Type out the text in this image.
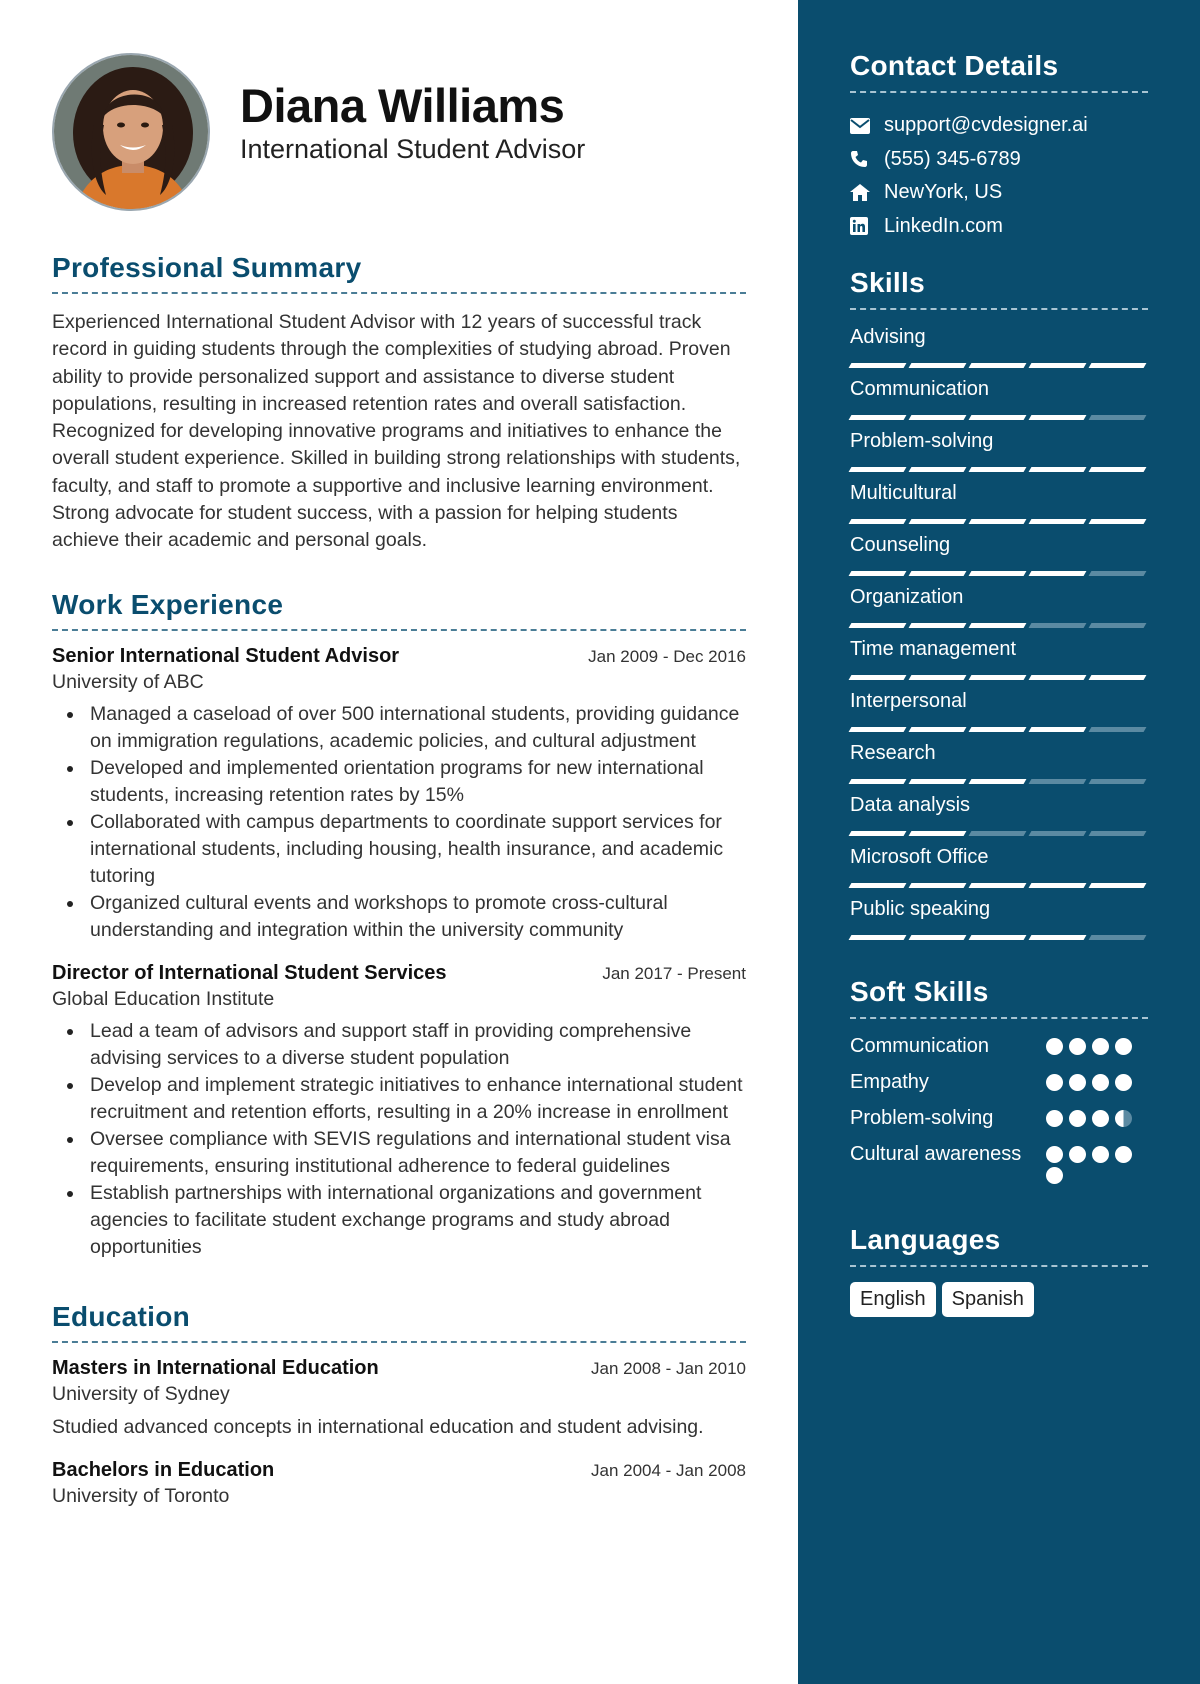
Diana Williams
International Student Advisor
Professional Summary
Experienced International Student Advisor with 12 years of successful track record in guiding students through the complexities of studying abroad. Proven ability to provide personalized support and assistance to diverse student populations, resulting in increased retention rates and overall satisfaction. Recognized for developing innovative programs and initiatives to enhance the overall student experience. Skilled in building strong relationships with students, faculty, and staff to promote a supportive and inclusive learning environment. Strong advocate for student success, with a passion for helping students achieve their academic and personal goals.
Work Experience
Senior International Student Advisor	Jan 2009 - Dec 2016
University of ABC
Managed a caseload of over 500 international students, providing guidance on immigration regulations, academic policies, and cultural adjustment
Developed and implemented orientation programs for new international students, increasing retention rates by 15%
Collaborated with campus departments to coordinate support services for international students, including housing, health insurance, and academic tutoring
Organized cultural events and workshops to promote cross-cultural understanding and integration within the university community
Director of International Student Services	Jan 2017 - Present
Global Education Institute
Lead a team of advisors and support staff in providing comprehensive advising services to a diverse student population
Develop and implement strategic initiatives to enhance international student recruitment and retention efforts, resulting in a 20% increase in enrollment
Oversee compliance with SEVIS regulations and international student visa requirements, ensuring institutional adherence to federal guidelines
Establish partnerships with international organizations and government agencies to facilitate student exchange programs and study abroad opportunities
Education
Masters in International Education	Jan 2008 - Jan 2010
University of Sydney
Studied advanced concepts in international education and student advising.
Bachelors in Education	Jan 2004 - Jan 2008
University of Toronto
Contact Details
support@cvdesigner.ai
(555) 345-6789
NewYork, US
LinkedIn.com
Skills
Advising
Communication
Problem-solving
Multicultural
Counseling
Organization
Time management
Interpersonal
Research
Data analysis
Microsoft Office
Public speaking
Soft Skills
Communication
Empathy
Problem-solving
Cultural awareness
Languages
English	Spanish
